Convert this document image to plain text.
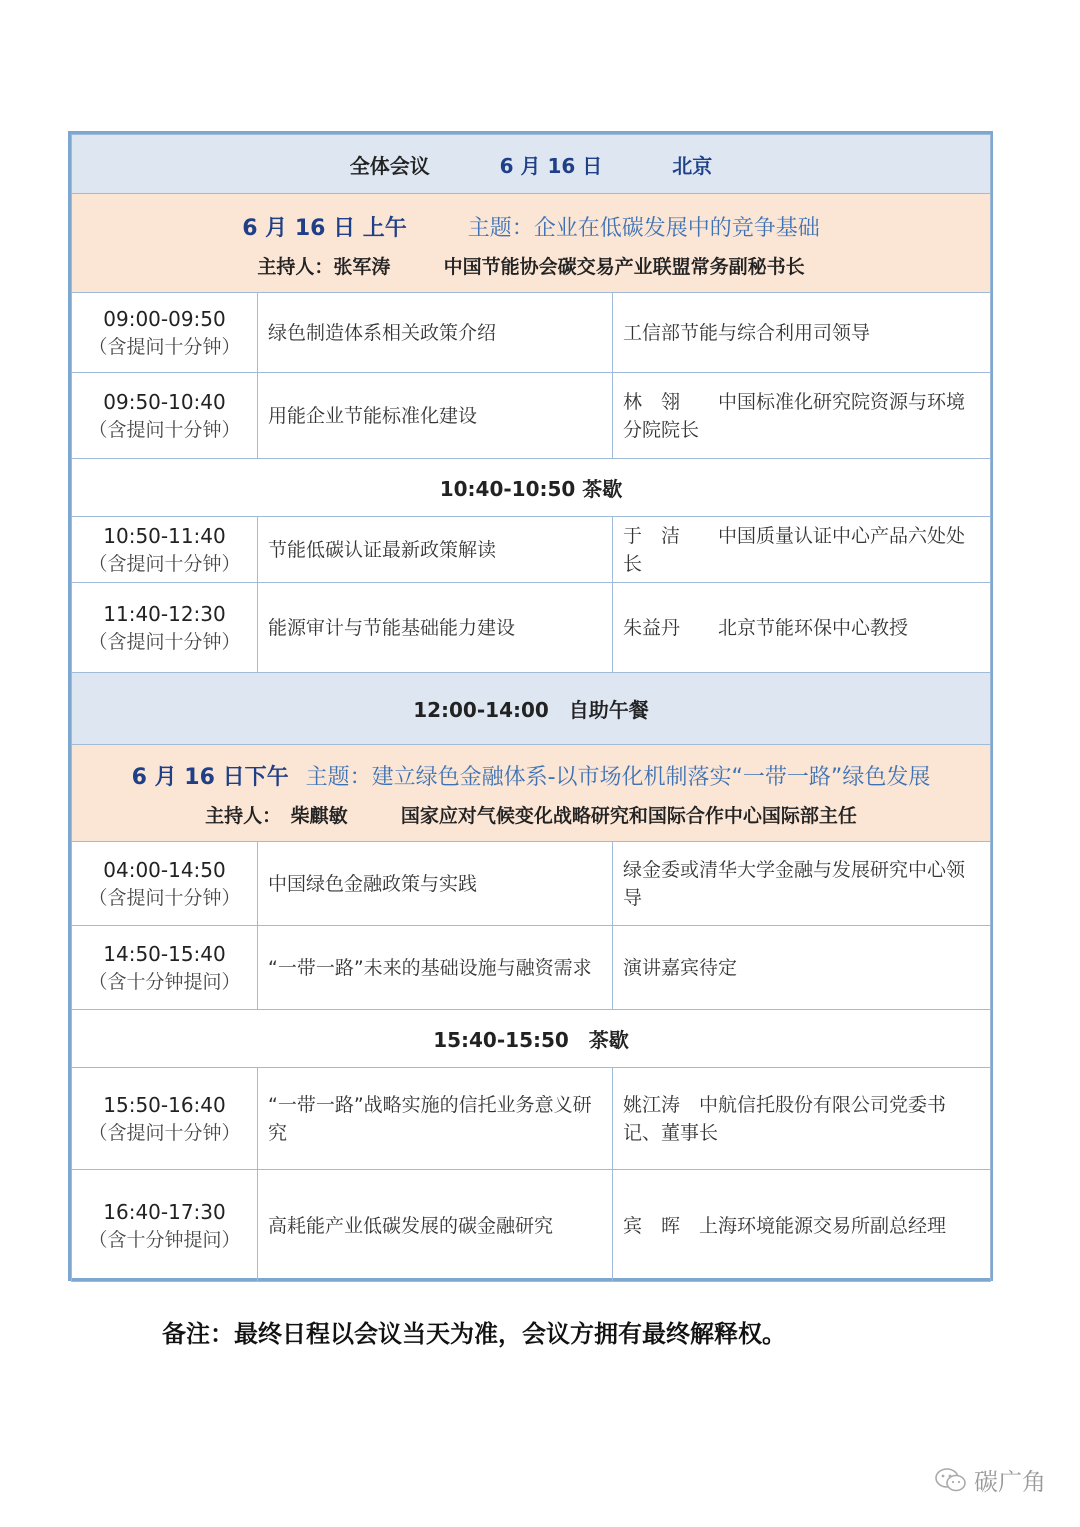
全体会议 6 月 16 日 北京		

6 月 16 日 上午 主题：企业在低碳发展中的竞争基础
主持人：张军涛 中国节能协会碳交易产业联盟常务副秘书长		

09:00-09:50
（含提问十分钟）	绿色制造体系相关政策介绍	工信部节能与综合利用司领导

09:50-10:40
（含提问十分钟）	用能企业节能标准化建设	林　翎　　中国标准化研究院资源与环境分院院长
10:40-10:50 茶歇		

10:50-11:40
（含提问十分钟）	节能低碳认证最新政策解读	于　洁　　中国质量认证中心产品六处处长

11:40-12:30
（含提问十分钟）	能源审计与节能基础能力建设	朱益丹　　北京节能环保中心教授
12:00-14:00　自助午餐		

6 月 16 日下午 主题：建立绿色金融体系-以市场化机制落实“一带一路”绿色发展
主持人：　柴麒敏 国家应对气候变化战略研究和国际合作中心国际部主任		

04:00-14:50
（含提问十分钟）	中国绿色金融政策与实践	绿金委或清华大学金融与发展研究中心领导

14:50-15:40
（含十分钟提问）	“一带一路”未来的基础设施与融资需求	演讲嘉宾待定
15:40-15:50　茶歇		

15:50-16:40
（含提问十分钟）	“一带一路”战略实施的信托业务意义研究	姚江涛　中航信托股份有限公司党委书记、董事长

16:40-17:30
（含十分钟提问）	高耗能产业低碳发展的碳金融研究	宾　晖　上海环境能源交易所副总经理
备注：最终日程以会议当天为准，会议方拥有最终解释权。
碳广角
